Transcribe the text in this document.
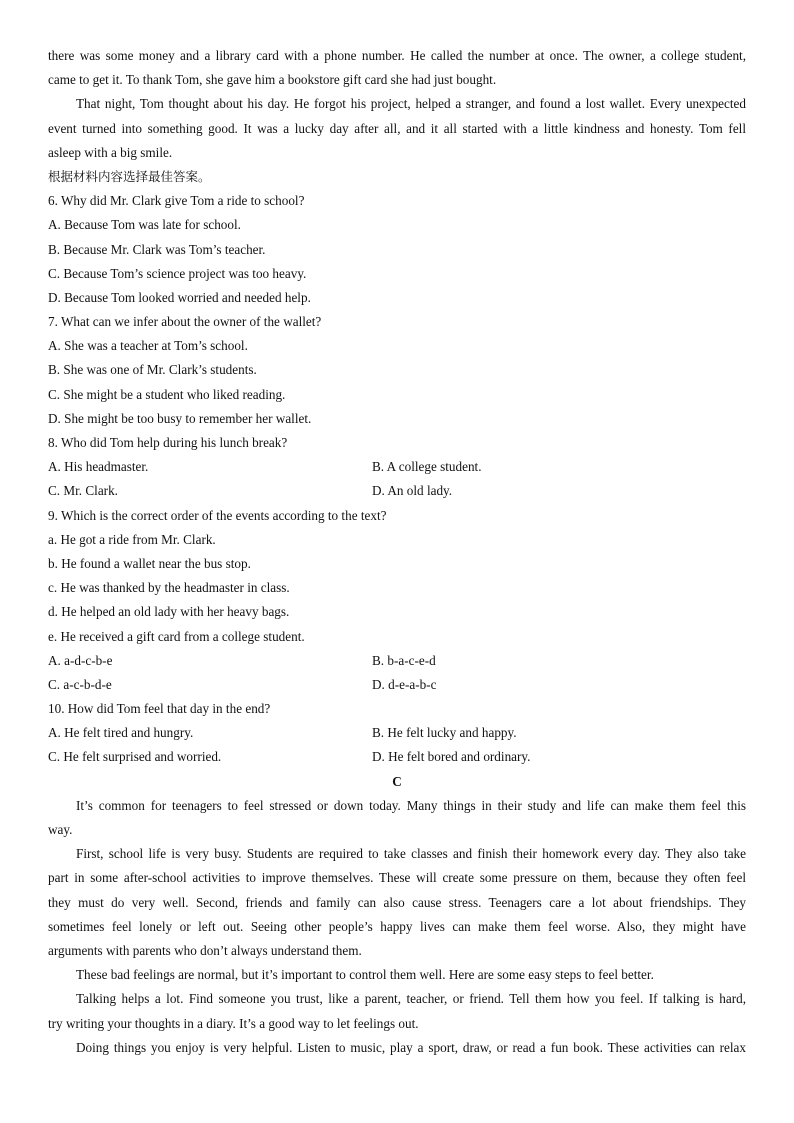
there was some money and a library card with a phone number. He called the number at once. The owner, a college student,
came to get it. To thank Tom, she gave him a bookstore gift card she had just bought.
That night, Tom thought about his day. He forgot his project, helped a stranger, and found a lost wallet. Every unexpected
event turned into something good. It was a lucky day after all, and it all started with a little kindness and honesty. Tom fell
asleep with a big smile.
根据材料内容选择最佳答案。
6. Why did Mr. Clark give Tom a ride to school?
A. Because Tom was late for school.
B. Because Mr. Clark was Tom’s teacher.
C. Because Tom’s science project was too heavy.
D. Because Tom looked worried and needed help.
7. What can we infer about the owner of the wallet?
A. She was a teacher at Tom’s school.
B. She was one of Mr. Clark’s students.
C. She might be a student who liked reading.
D. She might be too busy to remember her wallet.
8. Who did Tom help during his lunch break?
A. His headmaster.	B. A college student.
C. Mr. Clark.	D. An old lady.
9. Which is the correct order of the events according to the text?
a. He got a ride from Mr. Clark.
b. He found a wallet near the bus stop.
c. He was thanked by the headmaster in class.
d. He helped an old lady with her heavy bags.
e. He received a gift card from a college student.
A. a-d-c-b-e	B. b-a-c-e-d
C. a-c-b-d-e	D. d-e-a-b-c
10. How did Tom feel that day in the end?
A. He felt tired and hungry.	B. He felt lucky and happy.
C. He felt surprised and worried.	D. He felt bored and ordinary.
C
It’s common for teenagers to feel stressed or down today. Many things in their study and life can make them feel this
way.
First, school life is very busy. Students are required to take classes and finish their homework every day. They also take
part in some after-school activities to improve themselves. These will create some pressure on them, because they often feel
they must do very well. Second, friends and family can also cause stress. Teenagers care a lot about friendships. They
sometimes feel lonely or left out. Seeing other people’s happy lives can make them feel worse. Also, they might have
arguments with parents who don’t always understand them.
These bad feelings are normal, but it’s important to control them well. Here are some easy steps to feel better.
Talking helps a lot. Find someone you trust, like a parent, teacher, or friend. Tell them how you feel. If talking is hard,
try writing your thoughts in a diary. It’s a good way to let feelings out.
Doing things you enjoy is very helpful. Listen to music, play a sport, draw, or read a fun book. These activities can relax
